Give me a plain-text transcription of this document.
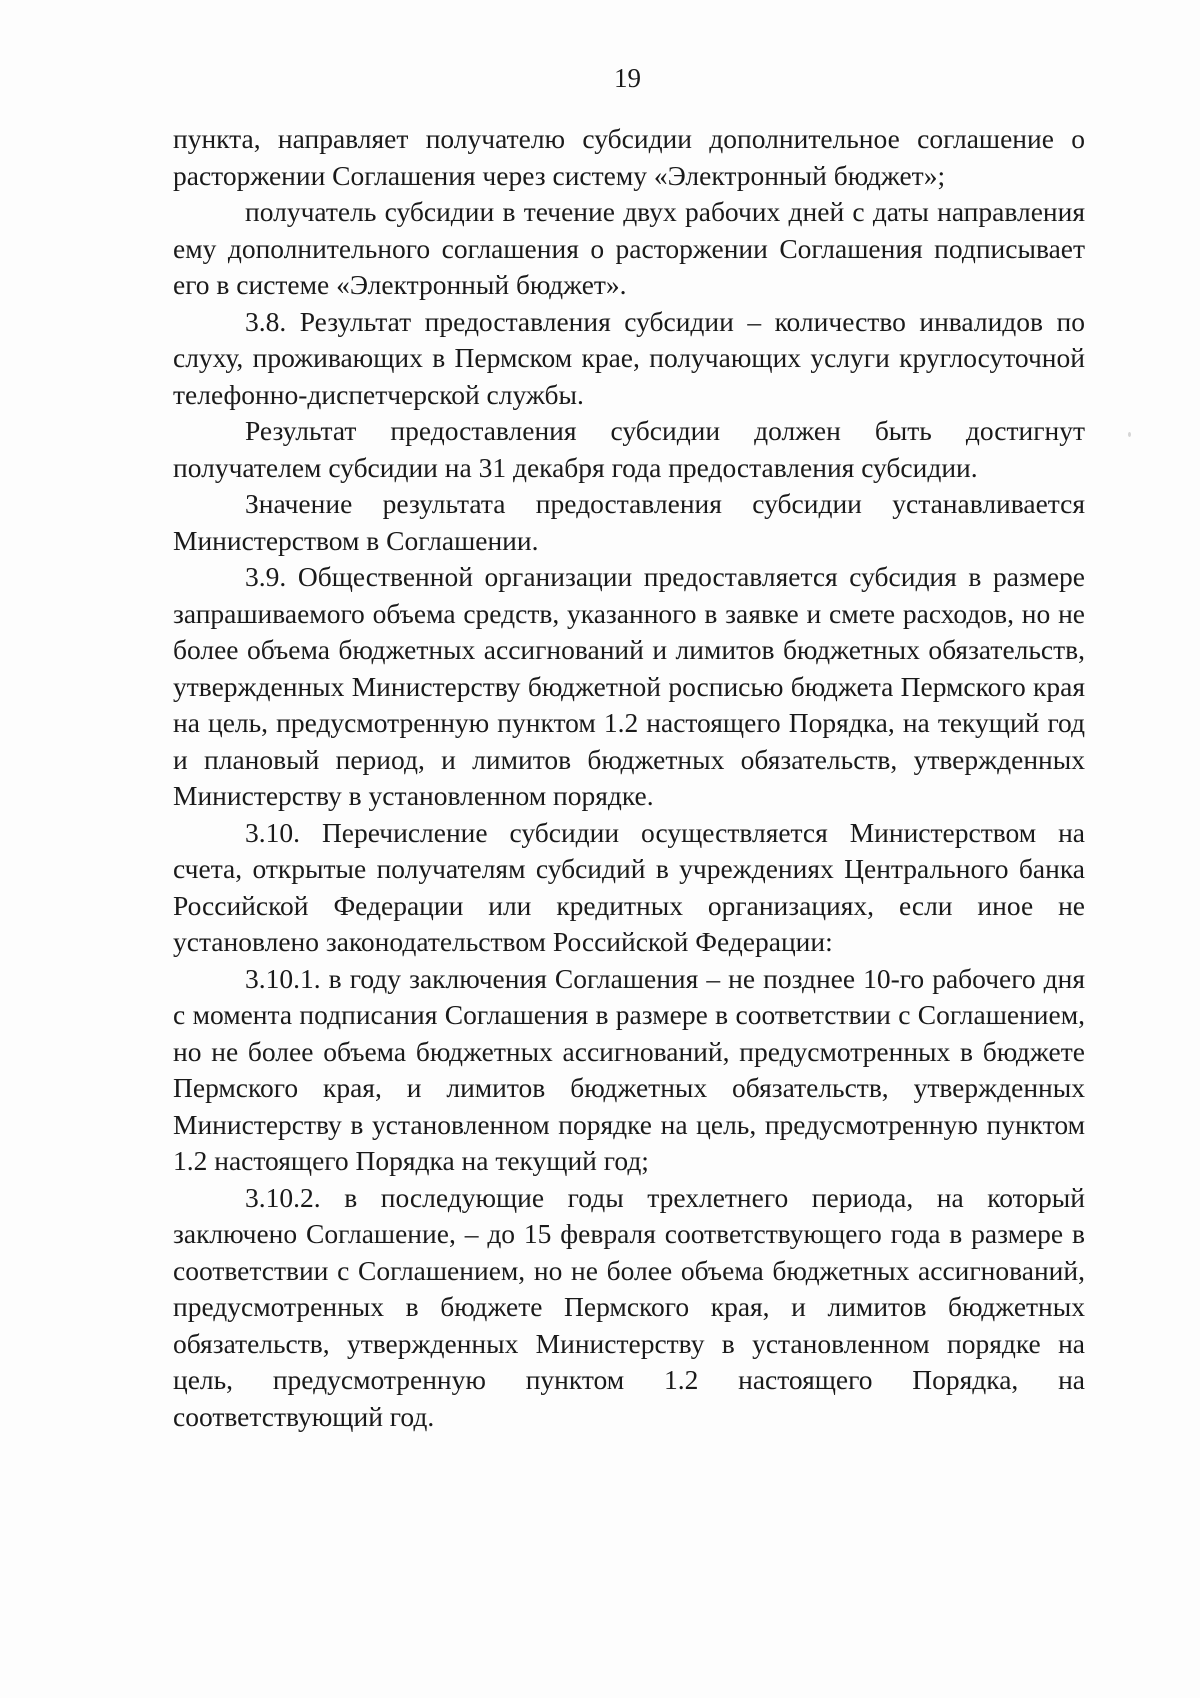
19

пункта, направляет получателю субсидии дополнительное соглашение о расторжении Соглашения через систему «Электронный бюджет»;

получатель субсидии в течение двух рабочих дней с даты направления ему дополнительного соглашения о расторжении Соглашения подписывает его в системе «Электронный бюджет».

3.8. Результат предоставления субсидии – количество инвалидов по слуху, проживающих в Пермском крае, получающих услуги круглосуточной телефонно-диспетчерской службы.

Результат предоставления субсидии должен быть достигнут получателем субсидии на 31 декабря года предоставления субсидии.

Значение результата предоставления субсидии устанавливается Министерством в Соглашении.

3.9. Общественной организации предоставляется субсидия в размере запрашиваемого объема средств, указанного в заявке и смете расходов, но не более объема бюджетных ассигнований и лимитов бюджетных обязательств, утвержденных Министерству бюджетной росписью бюджета Пермского края на цель, предусмотренную пунктом 1.2 настоящего Порядка, на текущий год и плановый период, и лимитов бюджетных обязательств, утвержденных Министерству в установленном порядке.

3.10. Перечисление субсидии осуществляется Министерством на счета, открытые получателям субсидий в учреждениях Центрального банка Российской Федерации или кредитных организациях, если иное не установлено законодательством Российской Федерации:

3.10.1. в году заключения Соглашения – не позднее 10-го рабочего дня с момента подписания Соглашения в размере в соответствии с Соглашением, но не более объема бюджетных ассигнований, предусмотренных в бюджете Пермского края, и лимитов бюджетных обязательств, утвержденных Министерству в установленном порядке на цель, предусмотренную пунктом 1.2 настоящего Порядка на текущий год;

3.10.2. в последующие годы трехлетнего периода, на который заключено Соглашение, – до 15 февраля соответствующего года в размере в соответствии с Соглашением, но не более объема бюджетных ассигнований, предусмотренных в бюджете Пермского края, и лимитов бюджетных обязательств, утвержденных Министерству в установленном порядке на цель, предусмотренную пунктом 1.2 настоящего Порядка, на соответствующий год.
